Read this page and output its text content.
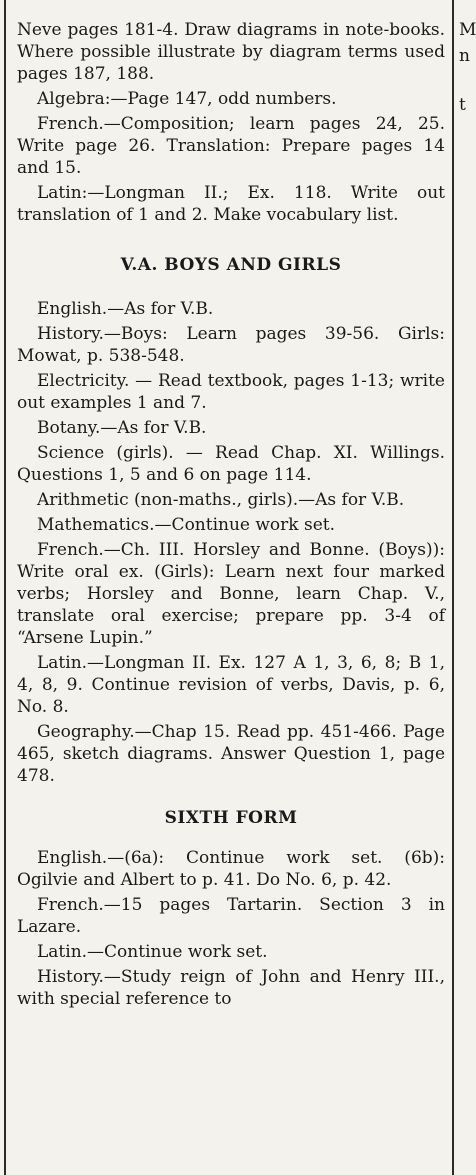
M
n
t

Neve pages 181-4. Draw diagrams in note-books. Where possible illustrate by diagram terms used pages 187, 188.

Algebra:—Page 147, odd numbers.

French.—Composition; learn pages 24, 25. Write page 26. Translation: Prepare pages 14 and 15.

Latin:—Longman II.; Ex. 118. Write out translation of 1 and 2. Make vocabulary list.

V.A. BOYS AND GIRLS

English.—As for V.B.

History.—Boys: Learn pages 39-56. Girls: Mowat, p. 538-548.

Electricity. — Read textbook, pages 1-13; write out examples 1 and 7.

Botany.—As for V.B.

Science (girls). — Read Chap. XI. Willings. Questions 1, 5 and 6 on page 114.

Arithmetic (non-maths., girls).—As for V.B.

Mathematics.—Continue work set.

French.—Ch. III. Horsley and Bonne. (Boys)): Write oral ex. (Girls): Learn next four marked verbs; Horsley and Bonne, learn Chap. V., translate oral exercise; prepare pp. 3-4 of “Arsene Lupin.”

Latin.—Longman II. Ex. 127 A 1, 3, 6, 8; B 1, 4, 8, 9. Continue revision of verbs, Davis, p. 6, No. 8.

Geography.—Chap 15. Read pp. 451-466. Page 465, sketch diagrams. Answer Question 1, page 478.

SIXTH FORM

English.—(6a): Continue work set. (6b): Ogilvie and Albert to p. 41. Do No. 6, p. 42.

French.—15 pages Tartarin. Section 3 in Lazare.

Latin.—Continue work set.

History.—Study reign of John and Henry III., with special reference to
